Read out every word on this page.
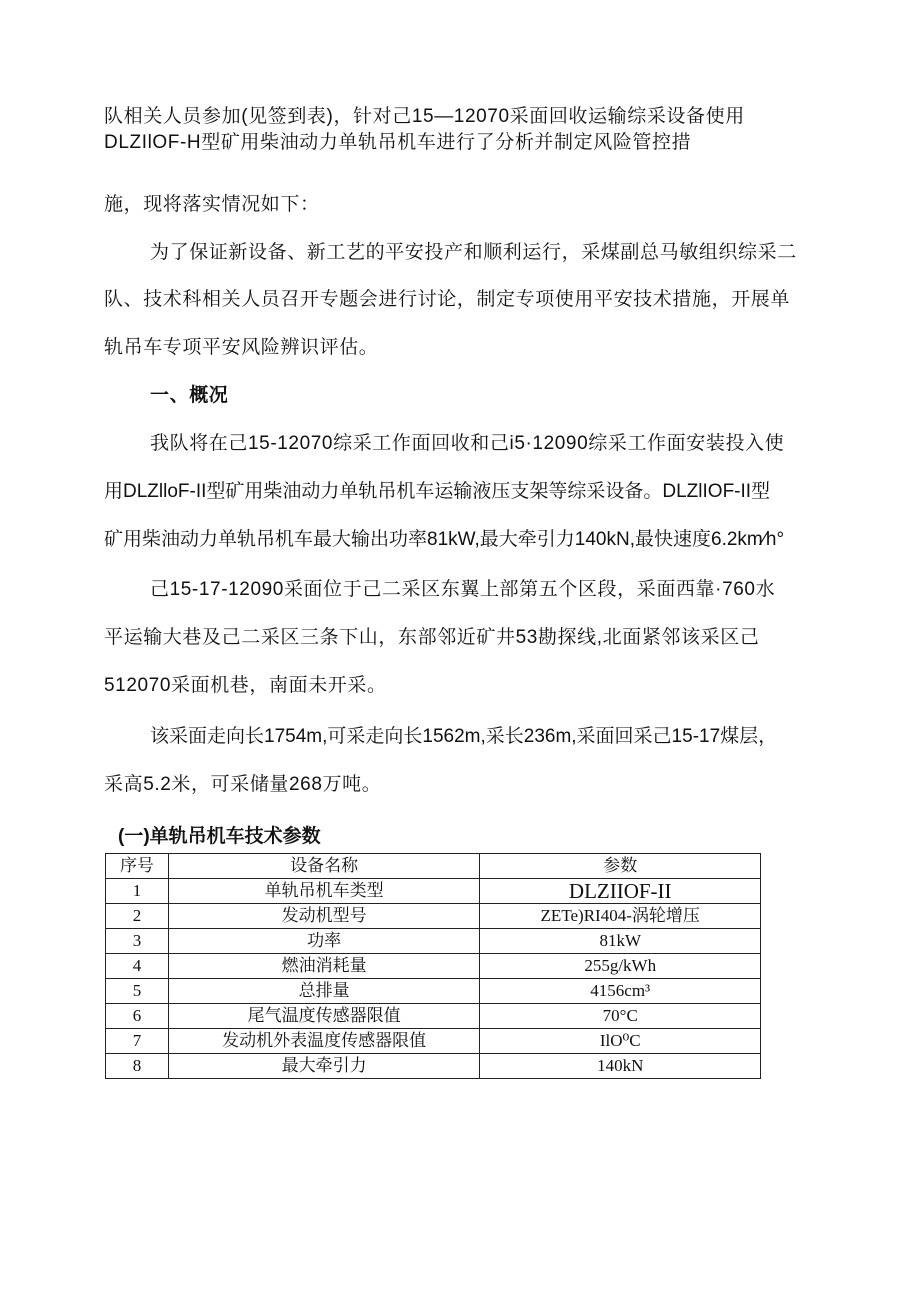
队相关人员参加(见签到表)，针对己15—12070采面回收运输综采设备使用
DLZIlOF-H型矿用柴油动力单轨吊机车进行了分析并制定风险管控措
施，现将落实情况如下：
为了保证新设备、新工艺的平安投产和顺利运行，采煤副总马敏组织综采二
队、技术科相关人员召开专题会进行讨论，制定专项使用平安技术措施，开展单
轨吊车专项平安风险辨识评估。
一、概况
我队将在己15-12070综采工作面回收和己i5·12090综采工作面安装投入使
用DLZlloF-II型矿用柴油动力单轨吊机车运输液压支架等综采设备。DLZlIOF-II型
矿用柴油动力单轨吊机车最大输出功率81kW,最大牵引力140kN,最快速度6.2km∕h°
己15-17-12090采面位于己二采区东翼上部第五个区段，采面西靠·760水
平运输大巷及己二采区三条下山，东部邻近矿井53勘探线,北面紧邻该采区己
512070采面机巷，南面未开采。
该采面走向长1754m,可采走向长1562m,采长236m,采面回采己15-17煤层，
采高5.2米，可采储量268万吨。
(一)单轨吊机车技术参数
序号	设备名称	参数
1	单轨吊机车类型	DLZIIOF-II
2	发动机型号	ZETe)RI404-涡轮增压
3	功率	81kW
4	燃油消耗量	255g/kWh
5	总排量	4156cm³
6	尾气温度传感器限值	70°C
7	发动机外表温度传感器限值	IlO⁰C
8	最大牵引力	140kN
